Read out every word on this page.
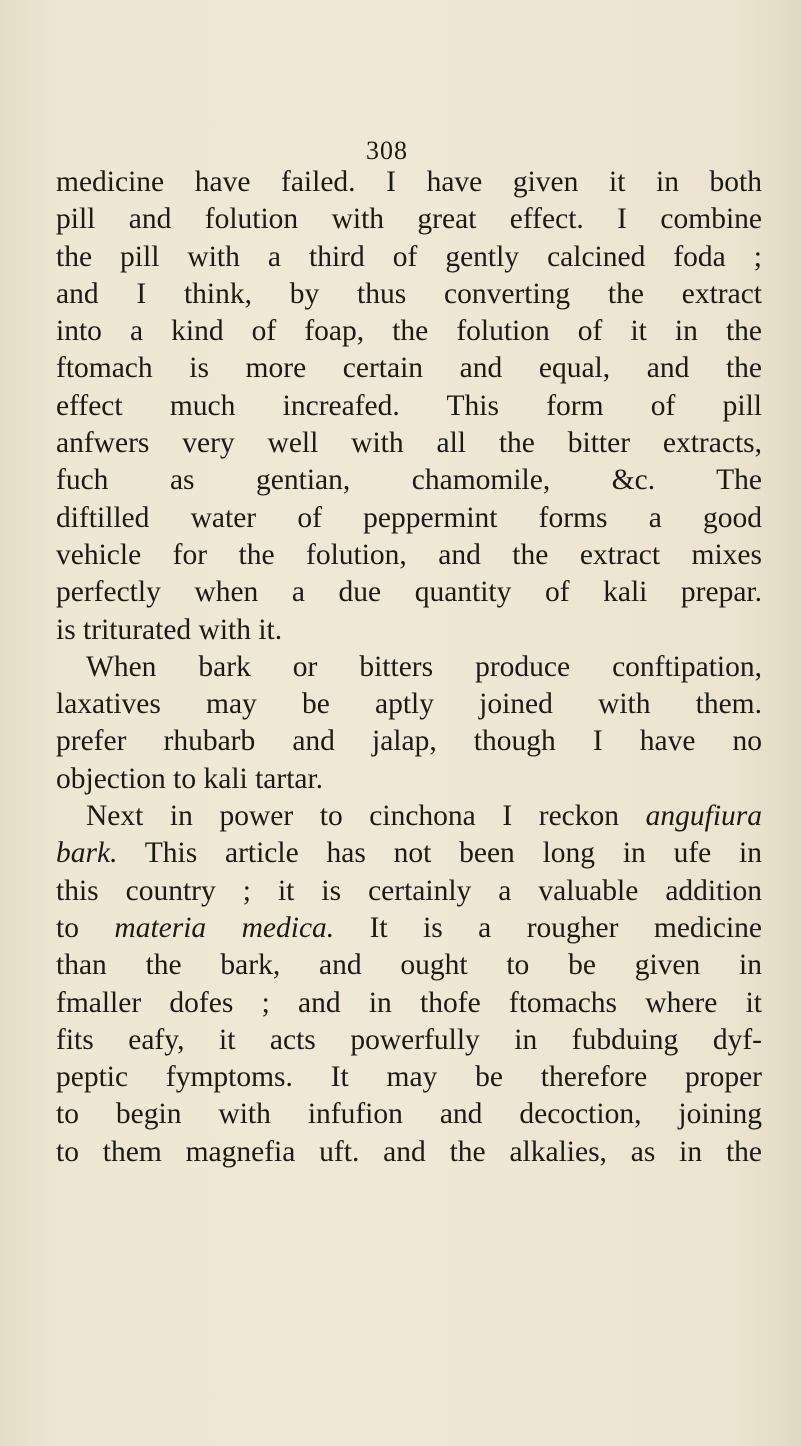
308
medicine have failed. I have given it in both
pill and folution with great effect. I combine
the pill with a third of gently calcined foda ;
and I think, by thus converting the extract
into a kind of foap, the folution of it in the
ftomach is more certain and equal, and the
effect much increafed. This form of pill
anfwers very well with all the bitter extracts,
fuch as gentian, chamomile, &c. The
diftilled water of peppermint forms a good
vehicle for the folution, and the extract mixes
perfectly when a due quantity of kali prepar.
is triturated with it.
When bark or bitters produce conftipation,
laxatives may be aptly joined with them.
prefer rhubarb and jalap, though I have no
objection to kali tartar.
Next in power to cinchona I reckon angufiura
bark. This article has not been long in ufe in
this country ; it is certainly a valuable addition
to materia medica. It is a rougher medicine
than the bark, and ought to be given in
fmaller dofes ; and in thofe ftomachs where it
fits eafy, it acts powerfully in fubduing dyf-
peptic fymptoms. It may be therefore proper
to begin with infufion and decoction, joining
to them magnefia uft. and the alkalies, as in the
